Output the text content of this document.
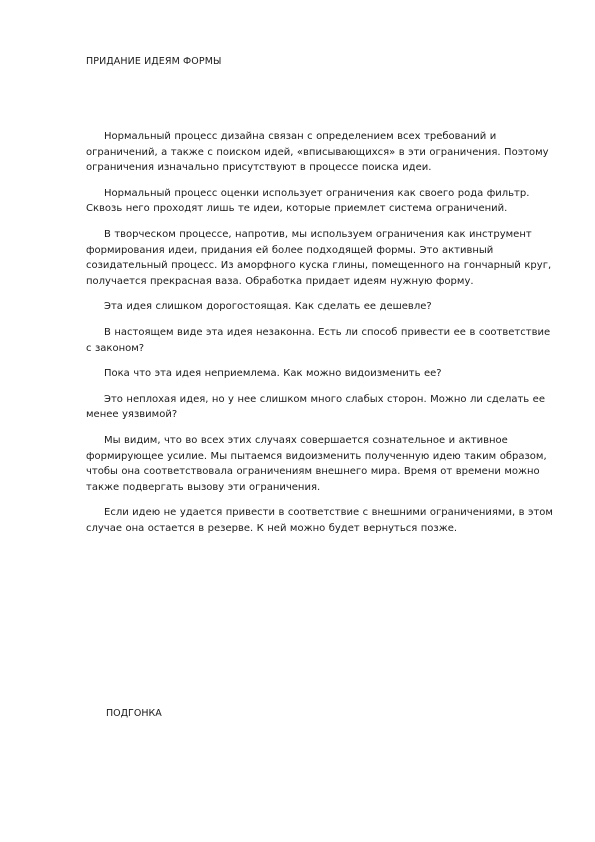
ПРИДАНИЕ ИДЕЯМ ФОРМЫ

Нормальный процесс дизайна связан с определением всех требований и ограничений, а также с поиском идей, «вписывающихся» в эти ограничения. Поэтому ограничения изначально присутствуют в процессе поиска идеи.

Нормальный процесс оценки использует ограничения как своего рода фильтр. Сквозь него проходят лишь те идеи, которые приемлет система ограничений.

В творческом процессе, напротив, мы используем ограничения как инструмент формирования идеи, придания ей более подходящей формы. Это активный созидательный процесс. Из аморфного куска глины, помещенного на гончарный круг, получается прекрасная ваза. Обработка придает идеям нужную форму.

Эта идея слишком дорогостоящая. Как сделать ее дешевле?

В настоящем виде эта идея незаконна. Есть ли способ привести ее в соответствие с законом?

Пока что эта идея неприемлема. Как можно видоизменить ее?

Это неплохая идея, но у нее слишком много слабых сторон. Можно ли сделать ее менее уязвимой?

Мы видим, что во всех этих случаях совершается сознательное и активное формирующее усилие. Мы пытаемся видоизменить полученную идею таким образом, чтобы она соответствовала ограничениям внешнего мира. Время от времени можно также подвергать вызову эти ограничения.

Если идею не удается привести в соответствие с внешними ограничениями, в этом случае она остается в резерве. К ней можно будет вернуться позже.

ПОДГОНКА
